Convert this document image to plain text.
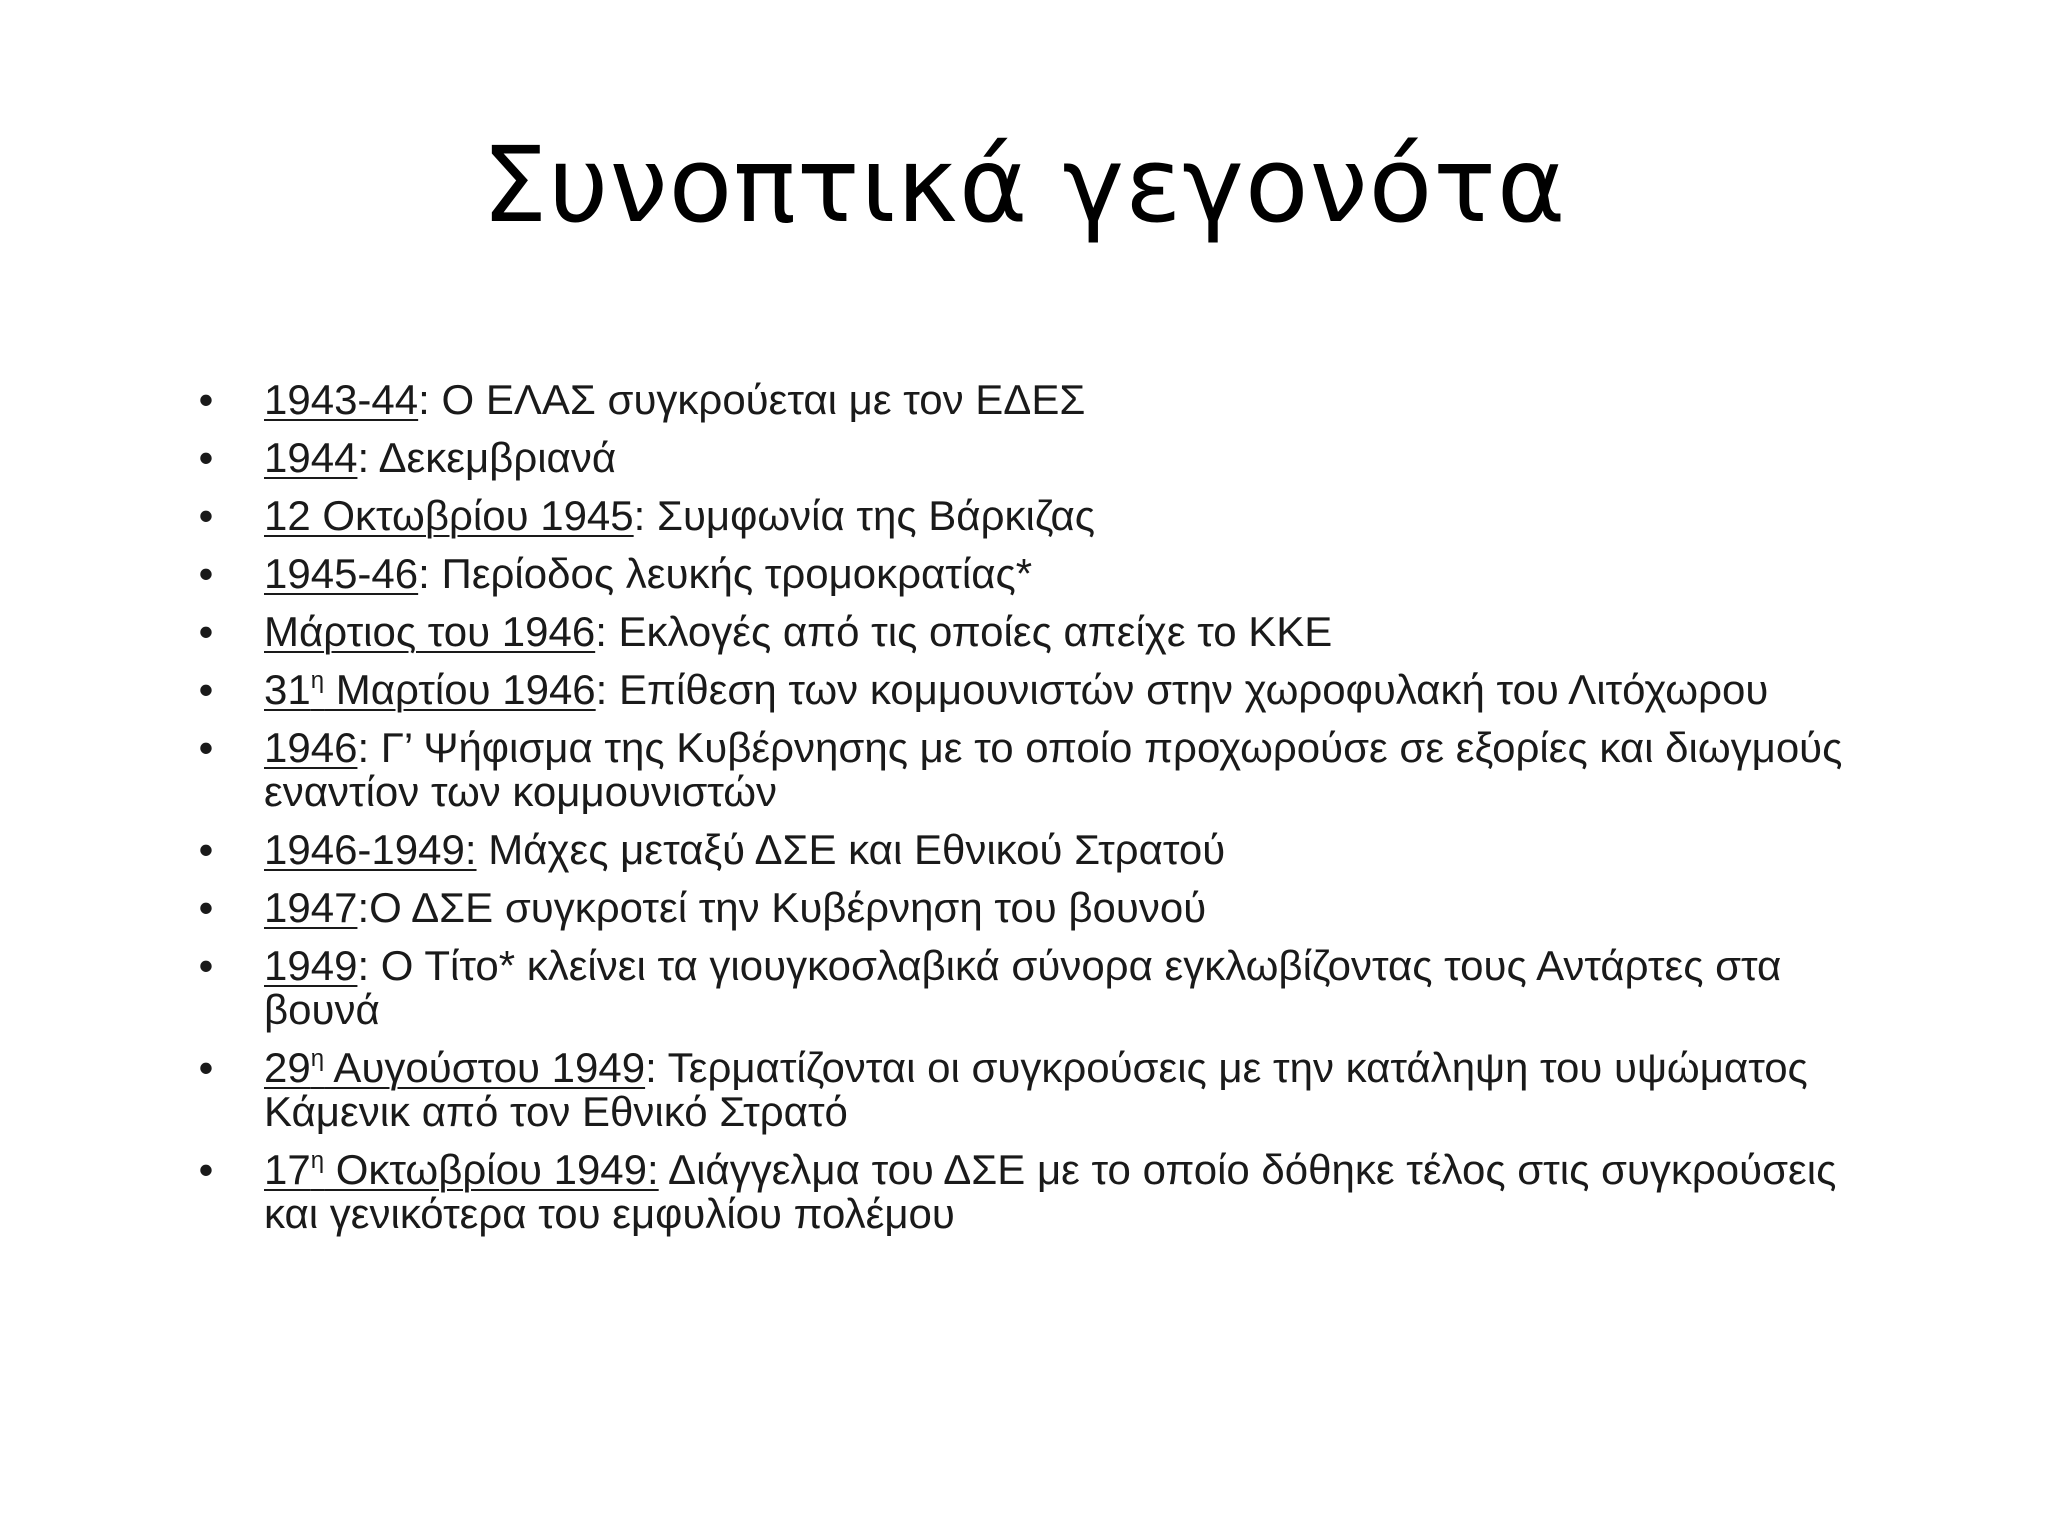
Συνοπτικά γεγονότα
• 1943-44: Ο ΕΛΑΣ συγκρούεται με τον ΕΔΕΣ
• 1944: Δεκεμβριανά
• 12 Οκτωβρίου 1945: Συμφωνία της Βάρκιζας
• 1945-46: Περίοδος λευκής τρομοκρατίας*
• Μάρτιος του 1946: Εκλογές από τις οποίες απείχε το ΚΚΕ
• $31^\eta$ Μαρτίου 1946: Επίθεση των κομμουνιστών στην χωροφυλακή του Λιτόχωρου
• 1946: Γ’ Ψήφισμα της Κυβέρνησης με το οποίο προχωρούσε σε εξορίες και διωγμούς εναντίον των κομμουνιστών
• 1946-1949: Μάχες μεταξύ ΔΣΕ και Εθνικού Στρατού
• 1947:Ο ΔΣΕ συγκροτεί την Κυβέρνηση του βουνού
• 1949: Ο Τίτο* κλείνει τα γιουγκοσλαβικά σύνορα εγκλωβίζοντας τους Αντάρτες στα βουνά
• $29^\eta$ Αυγούστου 1949: Τερματίζονται οι συγκρούσεις με την κατάληψη του υψώματος Κάμενικ από τον Εθνικό Στρατό
• $17^\eta$ Οκτωβρίου 1949: Διάγγελμα του ΔΣΕ με το οποίο δόθηκε τέλος στις συγκρούσεις και γενικότερα του εμφυλίου πολέμου
